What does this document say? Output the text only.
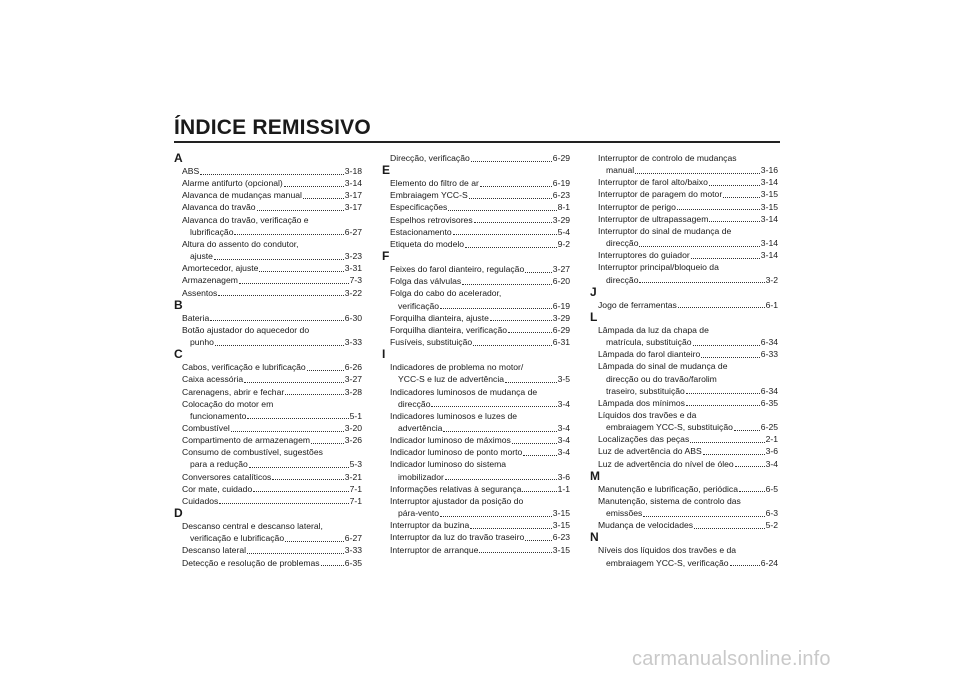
ÍNDICE REMISSIVO
A
ABS	3-18
Alarme antifurto (opcional)	3-14
Alavanca de mudanças manual	3-17
Alavanca do travão	3-17
Alavanca do travão, verificação e
lubrificação	6-27
Altura do assento do condutor,
ajuste	3-23
Amortecedor, ajuste	3-31
Armazenagem	7-3
Assentos	3-22
B
Bateria	6-30
Botão ajustador do aquecedor do
punho	3-33
C
Cabos, verificação e lubrificação	6-26
Caixa acessória	3-27
Carenagens, abrir e fechar	3-28
Colocação do motor em
funcionamento	5-1
Combustível	3-20
Compartimento de armazenagem	3-26
Consumo de combustível, sugestões
para a redução	5-3
Conversores catalíticos	3-21
Cor mate, cuidado	7-1
Cuidados	7-1
D
Descanso central e descanso lateral,
verificação e lubrificação	6-27
Descanso lateral	3-33
Detecção e resolução de problemas	6-35
Direcção, verificação	6-29
E
Elemento do filtro de ar	6-19
Embraiagem YCC-S	6-23
Especificações	8-1
Espelhos retrovisores	3-29
Estacionamento	5-4
Etiqueta do modelo	9-2
F
Feixes do farol dianteiro, regulação	3-27
Folga das válvulas	6-20
Folga do cabo do acelerador,
verificação	6-19
Forquilha dianteira, ajuste	3-29
Forquilha dianteira, verificação	6-29
Fusíveis, substituição	6-31
I
Indicadores de problema no motor/
YCC-S e luz de advertência	3-5
Indicadores luminosos de mudança de
direcção	3-4
Indicadores luminosos e luzes de
advertência	3-4
Indicador luminoso de máximos	3-4
Indicador luminoso de ponto morto	3-4
Indicador luminoso do sistema
imobilizador	3-6
Informações relativas à segurança	1-1
Interruptor ajustador da posição do
pára-vento	3-15
Interruptor da buzina	3-15
Interruptor da luz do travão traseiro	6-23
Interruptor de arranque	3-15
Interruptor de controlo de mudanças
manual	3-16
Interruptor de farol alto/baixo	3-14
Interruptor de paragem do motor	3-15
Interruptor de perigo	3-15
Interruptor de ultrapassagem	3-14
Interruptor do sinal de mudança de
direcção	3-14
Interruptores do guiador	3-14
Interruptor principal/bloqueio da
direcção	3-2
J
Jogo de ferramentas	6-1
L
Lâmpada da luz da chapa de
matrícula, substituição	6-34
Lâmpada do farol dianteiro	6-33
Lâmpada do sinal de mudança de
direcção ou do travão/farolim
traseiro, substituição	6-34
Lâmpada dos mínimos	6-35
Líquidos dos travões e da
embraiagem YCC-S, substituição	6-25
Localizações das peças	2-1
Luz de advertência do ABS	3-6
Luz de advertência do nível de óleo	3-4
M
Manutenção e lubrificação, periódica	6-5
Manutenção, sistema de controlo das
emissões	6-3
Mudança de velocidades	5-2
N
Níveis dos líquidos dos travões e da
embraiagem YCC-S, verificação	6-24
carmanualsonline.info
